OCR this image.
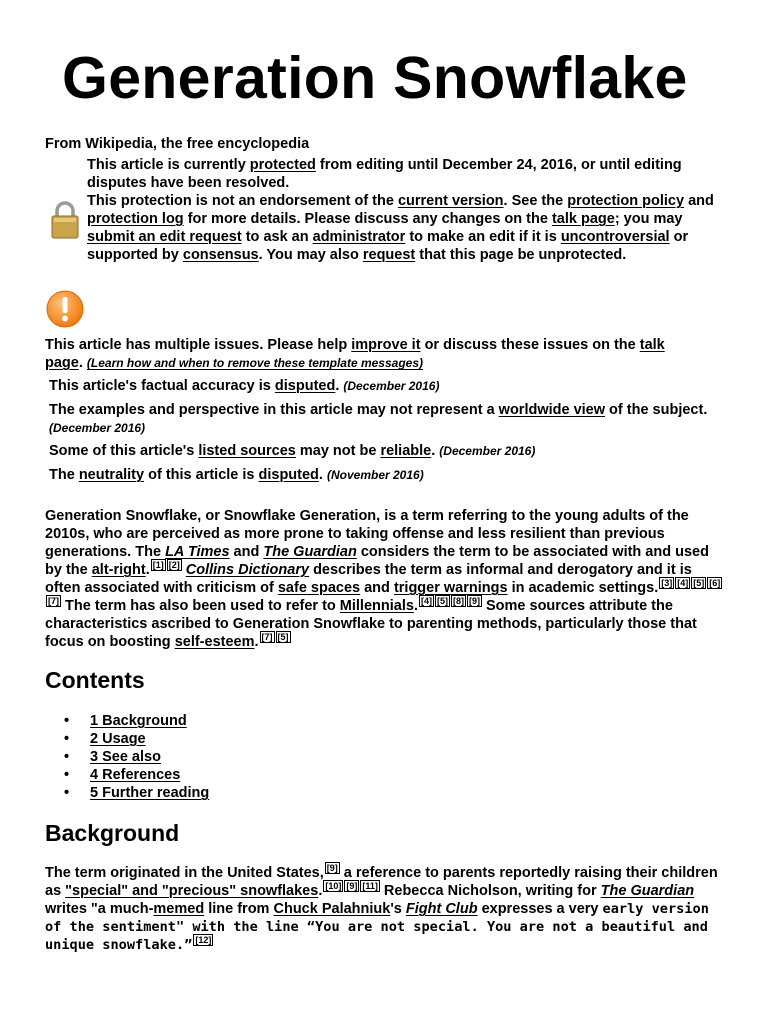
Generation Snowflake
From Wikipedia, the free encyclopedia
This article is currently protected from editing until December 24, 2016, or until editing disputes have been resolved.
This protection is not an endorsement of the current version. See the protection policy and protection log for more details. Please discuss any changes on the talk page; you may submit an edit request to ask an administrator to make an edit if it is uncontroversial or supported by consensus. You may also request that this page be unprotected.
This article has multiple issues. Please help improve it or discuss these issues on the talk page. (Learn how and when to remove these template messages)
This article's factual accuracy is disputed. (December 2016)
The examples and perspective in this article may not represent a worldwide view of the subject. (December 2016)
Some of this article's listed sources may not be reliable. (December 2016)
The neutrality of this article is disputed. (November 2016)
Generation Snowflake, or Snowflake Generation, is a term referring to the young adults of the 2010s, who are perceived as more prone to taking offense and less resilient than previous generations. The LA Times and The Guardian considers the term to be associated with and used by the alt-right. [1] [2] Collins Dictionary describes the term as informal and derogatory and it is often associated with criticism of safe spaces and trigger warnings in academic settings. [3] [4] [5] [6][7] The term has also been used to refer to Millennials. [4] [5] [8] [9] Some sources attribute the characteristics ascribed to Generation Snowflake to parenting methods, particularly those that focus on boosting self-esteem. [7] [5]
Contents
• 1 Background
• 2 Usage
• 3 See also
• 4 References
• 5 Further reading
Background
The term originated in the United States, [9] a reference to parents reportedly raising their children as "special" and "precious" snowflakes. [10] [9] [11] Rebecca Nicholson, writing for The Guardian writes "a much-memed line from Chuck Palahniuk's Fight Club expresses a very early version of the sentiment" with the line “You are not special. You are not a beautiful and unique snowflake.” [12]
